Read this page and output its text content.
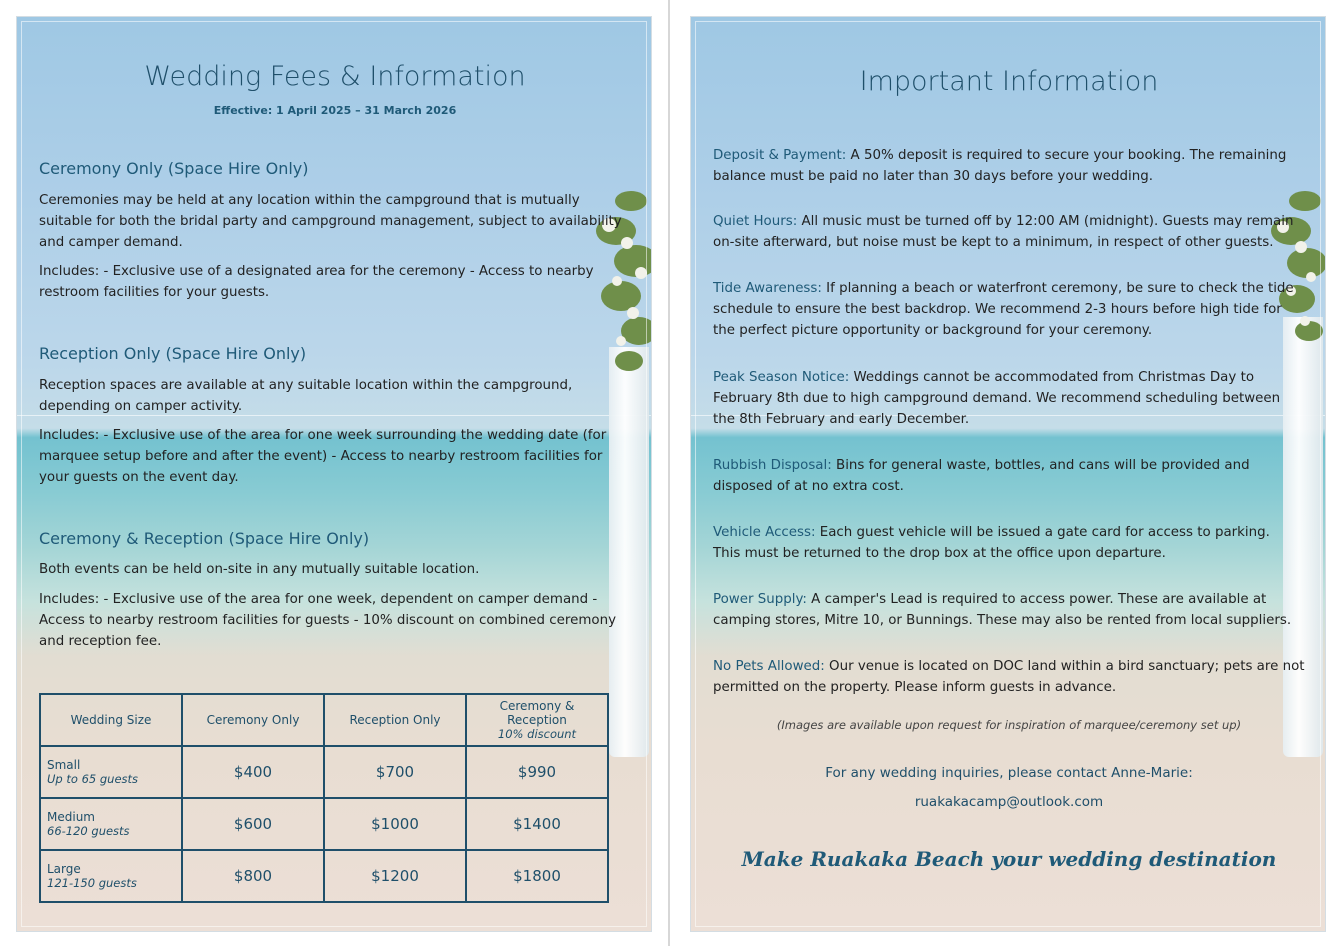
Wedding Fees & Information
Effective: 1 April 2025 – 31 March 2026
Ceremony Only (Space Hire Only)
Ceremonies may be held at any location within the campground that is mutually suitable for both the bridal party and campground management, subject to availability and camper demand.
Includes: - Exclusive use of a designated area for the ceremony - Access to nearby restroom facilities for your guests.
Reception Only (Space Hire Only)
Reception spaces are available at any suitable location within the campground, depending on camper activity.
Includes: - Exclusive use of the area for one week surrounding the wedding date (for marquee setup before and after the event) - Access to nearby restroom facilities for your guests on the event day.
Ceremony & Reception (Space Hire Only)
Both events can be held on-site in any mutually suitable location.
Includes: - Exclusive use of the area for one week, dependent on camper demand - Access to nearby restroom facilities for guests - 10% discount on combined ceremony and reception fee.
Wedding Size	Ceremony Only	Reception Only	Ceremony &
Reception
10% discount

Small
Up to 65 guests	$400	$700	$990

Medium
66-120 guests	$600	$1000	$1400

Large
121-150 guests	$800	$1200	$1800
Important Information
Deposit & Payment: A 50% deposit is required to secure your booking. The remaining balance must be paid no later than 30 days before your wedding.
Quiet Hours: All music must be turned off by 12:00 AM (midnight). Guests may remain on-site afterward, but noise must be kept to a minimum, in respect of other guests.
Tide Awareness: If planning a beach or waterfront ceremony, be sure to check the tide schedule to ensure the best backdrop. We recommend 2-3 hours before high tide for the perfect picture opportunity or background for your ceremony.
Peak Season Notice: Weddings cannot be accommodated from Christmas Day to February 8th due to high campground demand. We recommend scheduling between the 8th February and early December.
Rubbish Disposal: Bins for general waste, bottles, and cans will be provided and disposed of at no extra cost.
Vehicle Access: Each guest vehicle will be issued a gate card for access to parking. This must be returned to the drop box at the office upon departure.
Power Supply: A camper's Lead is required to access power. These are available at camping stores, Mitre 10, or Bunnings. These may also be rented from local suppliers.
No Pets Allowed: Our venue is located on DOC land within a bird sanctuary; pets are not permitted on the property. Please inform guests in advance.
(Images are available upon request for inspiration of marquee/ceremony set up)
For any wedding inquiries, please contact Anne-Marie:
ruakakacamp@outlook.com
Make Ruakaka Beach your wedding destination
